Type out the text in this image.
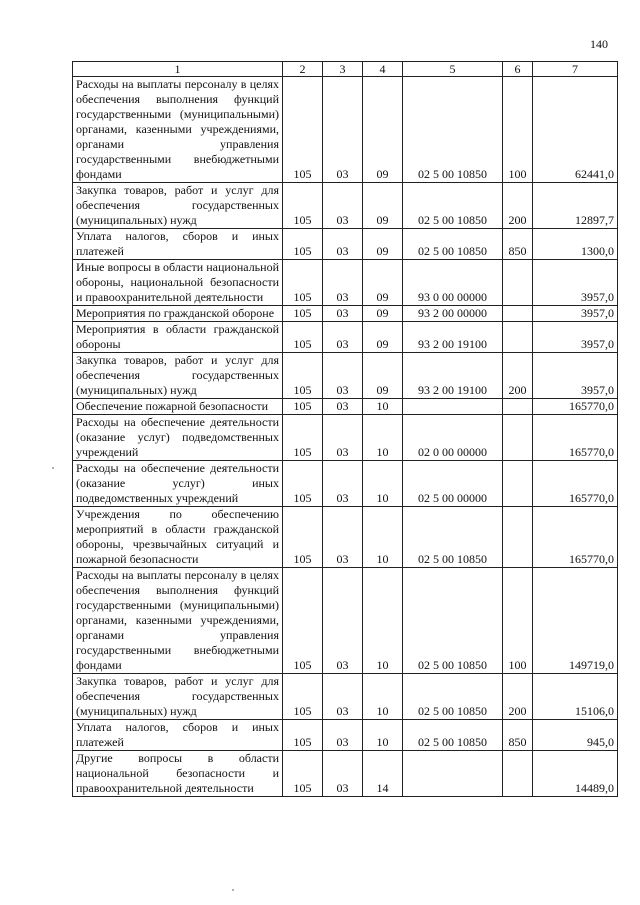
140
1	2	3	4	5	6	7
Расходы на выплаты персоналу в целях обеспечения выполнения функций государственными (муниципальными) органами, казенными учреждениями, органами управления государственными внебюджетными фондами	105	03	09	02 5 00 10850	100	62441,0
Закупка товаров, работ и услуг для обеспечения государственных (муниципальных) нужд	105	03	09	02 5 00 10850	200	12897,7
Уплата налогов, сборов и иных платежей	105	03	09	02 5 00 10850	850	1300,0
Иные вопросы в области национальной обороны, национальной безопасности и правоохранительной деятельности	105	03	09	93 0 00 00000		3957,0
Мероприятия по гражданской обороне	105	03	09	93 2 00 00000		3957,0
Мероприятия в области гражданской обороны	105	03	09	93 2 00 19100		3957,0
Закупка товаров, работ и услуг для обеспечения государственных (муниципальных) нужд	105	03	09	93 2 00 19100	200	3957,0
Обеспечение пожарной безопасности	105	03	10			165770,0
Расходы на обеспечение деятельности (оказание услуг) подведомственных учреждений	105	03	10	02 0 00 00000		165770,0
Расходы на обеспечение деятельности (оказание услуг) иных подведомственных учреждений	105	03	10	02 5 00 00000		165770,0
Учреждения по обеспечению мероприятий в области гражданской обороны, чрезвычайных ситуаций и пожарной безопасности	105	03	10	02 5 00 10850		165770,0
Расходы на выплаты персоналу в целях обеспечения выполнения функций государственными (муниципальными) органами, казенными учреждениями, органами управления государственными внебюджетными фондами	105	03	10	02 5 00 10850	100	149719,0
Закупка товаров, работ и услуг для обеспечения государственных (муниципальных) нужд	105	03	10	02 5 00 10850	200	15106,0
Уплата налогов, сборов и иных платежей	105	03	10	02 5 00 10850	850	945,0
Другие вопросы в области национальной безопасности и правоохранительной деятельности	105	03	14			14489,0
